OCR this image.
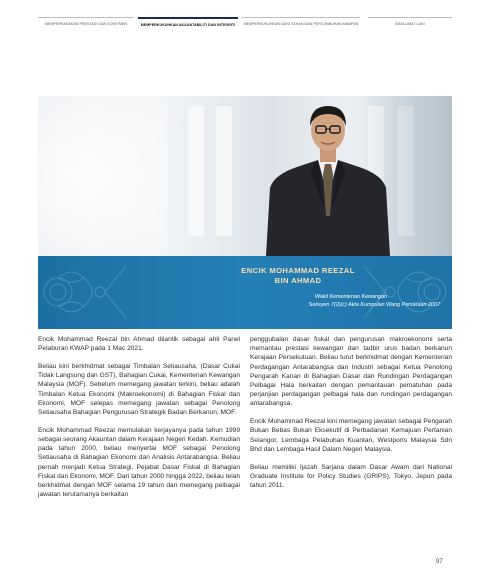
MEMPERKASAKAN PRESTASI DAN KOMITMEN	MEMPERKUKUHKAN AKAUNTABILITI DAN INTEGRITI	MEMPERKUKUHKAN DAYA TAHAN DAN PERTUMBUHAN MAMPAN	MAKLUMAT LAIN
ENCIK MOHAMMAD REEZAL
BIN AHMAD
Wakil Kementerian Kewangan
Seksyen 7(2)(c) Akta Kumpulan Wang Persaraan 2007

Encik Mohammad Reezal bin Ahmad dilantik sebagai ahli Panel Pelaburan KWAP pada 1 Mac 2021.

Beliau kini berkhidmat sebagai Timbalan Setiausaha, (Dasar Cukai Tidak Langsung dan GST), Bahagian Cukai, Kementerian Kewangan Malaysia (MOF). Sebelum memegang jawatan terkini, beliau adalah Timbalan Ketua Ekonomi (Makroekonomi) di Bahagian Fiskal dan Ekonomi, MOF selepas memegang jawatan sebagai Penolong Setiausaha Bahagian Pengurusan Strategik Badan Berkanun, MOF.

Encik Mohammad Reezal memulakan kerjayanya pada tahun 1999 sebagai seorang Akauntan dalam Kerajaan Negeri Kedah. Kemudian pada tahun 2000, beliau menyertai MOF sebagai Penolong Setiausaha di Bahagian Ekonomi dan Analisis Antarabangsa. Beliau pernah menjadi Ketua Strategi, Pejabat Dasar Fiskal di Bahagian Fiskal dan Ekonomi, MOF. Dari tahun 2000 hingga 2022, beliau telah berkhidmat dengan MOF selama 19 tahun dan memegang pelbagai jawatan terutamanya berkaitan

penggubalan dasar fiskal dan pengurusan makroekonomi serta memantau prestasi kewangan dan tadbir urus badan berkanun Kerajaan Persekutuan. Beliau turut berkhidmat dengan Kementerian Perdagangan Antarabangsa dan Industri sebagai Ketua Penolong Pengarah Kanan di Bahagian Dasar dan Rundingan Perdagangan Pelbagai Hala berkaitan dengan pemantauan pematuhan pada perjanjian perdagangan pelbagai hala dan rundingan perdagangan antarabangsa.

Encik Mohammad Reezal kini memegang jawatan sebagai Pengarah Bukan Bebas Bukan Eksekutif di Perbadanan Kemajuan Pertanian Selangor, Lembaga Pelabuhan Kuantan, Westports Malaysia Sdn Bhd dan Lembaga Hasil Dalam Negeri Malaysia.

Beliau memiliki Ijazah Sarjana dalam Dasar Awam dari National Graduate Institute for Policy Studies (GRIPS), Tokyo, Jepun pada tahun 2011.

97
